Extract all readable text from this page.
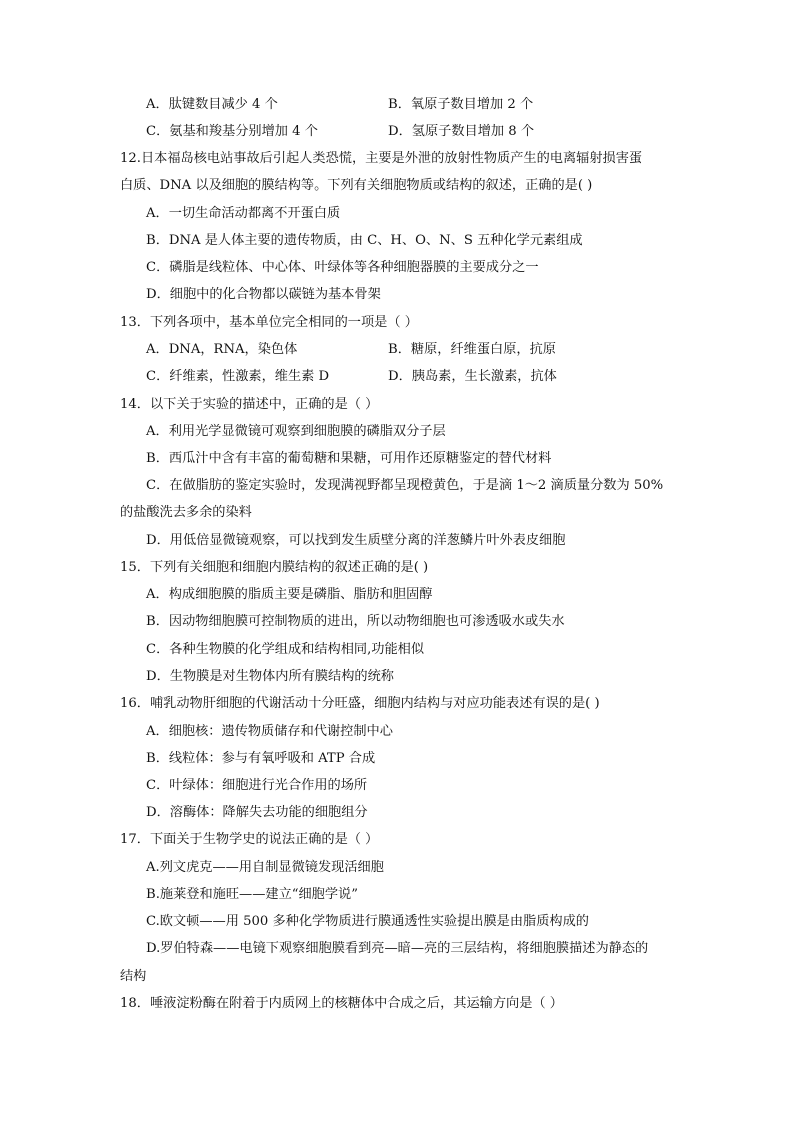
A．肽键数目减少 4 个	B．氧原子数目增加 2 个
C．氨基和羧基分别增加 4 个	D．氢原子数目增加 8 个
12.日本福岛核电站事故后引起人类恐慌，主要是外泄的放射性物质产生的电离辐射损害蛋
白质、DNA 以及细胞的膜结构等。下列有关细胞物质或结构的叙述，正确的是( )
A．一切生命活动都离不开蛋白质
B．DNA 是人体主要的遗传物质，由 C、H、O、N、S 五种化学元素组成
C．磷脂是线粒体、中心体、叶绿体等各种细胞器膜的主要成分之一
D．细胞中的化合物都以碳链为基本骨架
13．下列各项中，基本单位完全相同的一项是（ ）
A．DNA，RNA，染色体	B．糖原，纤维蛋白原，抗原
C．纤维素，性激素，维生素 D	D．胰岛素，生长激素，抗体
14．以下关于实验的描述中，正确的是（ ）
A．利用光学显微镜可观察到细胞膜的磷脂双分子层
B．西瓜汁中含有丰富的葡萄糖和果糖，可用作还原糖鉴定的替代材料
C．在做脂肪的鉴定实验时，发现满视野都呈现橙黄色，于是滴 1～2 滴质量分数为 50%
的盐酸洗去多余的染料
D．用低倍显微镜观察，可以找到发生质壁分离的洋葱鳞片叶外表皮细胞
15．下列有关细胞和细胞内膜结构的叙述正确的是( )
A．构成细胞膜的脂质主要是磷脂、脂肪和胆固醇
B．因动物细胞膜可控制物质的进出，所以动物细胞也可渗透吸水或失水
C．各种生物膜的化学组成和结构相同,功能相似
D．生物膜是对生物体内所有膜结构的统称
16．哺乳动物肝细胞的代谢活动十分旺盛，细胞内结构与对应功能表述有误的是( )
A．细胞核：遗传物质储存和代谢控制中心
B．线粒体：参与有氧呼吸和 ATP 合成
C．叶绿体：细胞进行光合作用的场所
D．溶酶体：降解失去功能的细胞组分
17．下面关于生物学史的说法正确的是（ ）
A.列文虎克——用自制显微镜发现活细胞
B.施莱登和施旺——建立“细胞学说”
C.欧文顿——用 500 多种化学物质进行膜通透性实验提出膜是由脂质构成的
D.罗伯特森——电镜下观察细胞膜看到亮—暗—亮的三层结构，将细胞膜描述为静态的
结构
18．唾液淀粉酶在附着于内质网上的核糖体中合成之后，其运输方向是（ ）
